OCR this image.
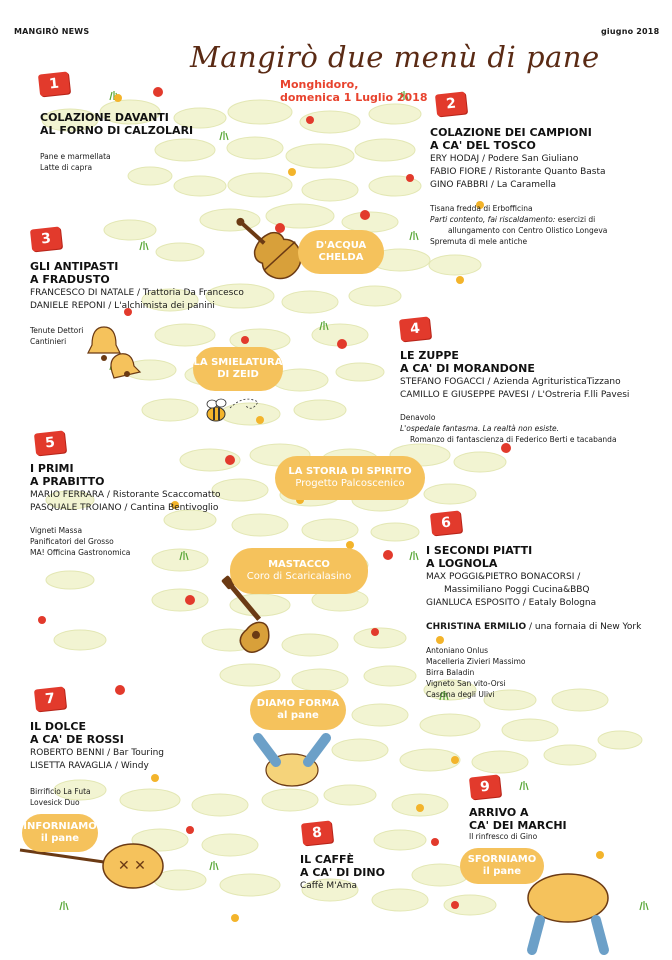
✕ ✕
MANGIRÒ NEWS	giugno 2018
Mangirò due menù di pane
Monghidoro,
domenica 1 Luglio 2018
1
COLAZIONE DAVANTI
AL FORNO DI CALZOLARI
Pane e marmellata
Latte di capra
2
COLAZIONE DEI CAMPIONI
A CA' DEL TOSCO
ERY HODAJ / Podere San Giuliano
FABIO FIORE / Ristorante Quanto Basta
GINO FABBRI / La Caramella
Tisana fredda di Erbofficina
Parti contento, fai riscaldamento: esercizi di
allungamento con Centro Olistico Longeva
Spremuta di mele antiche
3
GLI ANTIPASTI
A FRADUSTO
FRANCESCO DI NATALE / Trattoria Da Francesco
DANIELE REPONI / L'alchimista dei panini
Tenute Dettori
Cantinieri
4
LE ZUPPE
A CA' DI MORANDONE
STEFANO FOGACCI / Azienda AgrituristicaTizzano
CAMILLO E GIUSEPPE PAVESI / L'Ostreria F.lli Pavesi
Denavolo
L'ospedale fantasma. La realtà non esiste.
Romanzo di fantascienza di Federico Berti e tacabanda
5
I PRIMI
A PRABITTO
MARIO FERRARA / Ristorante Scaccomatto
PASQUALE TROIANO / Cantina Bentivoglio
Vigneti Massa
Panificatori del Grosso
MA! Officina Gastronomica
6
I SECONDI PIATTI
A LOGNOLA
MAX POGGI&PIETRO BONACORSI /
Massimiliano Poggi Cucina&BBQ
GIANLUCA ESPOSITO / Eataly Bologna
CHRISTINA ERMILIO / una fornaia di New York
Antoniano Onlus
Macelleria Zivieri Massimo
Birra Baladin
Vigneto San vito-Orsi
Cascina degli Ulivi
7
IL DOLCE
A CA' DE ROSSI
ROBERTO BENNI / Bar Touring
LISETTA RAVAGLIA / Windy
Birrificio La Futa
Lovesick Duo
8
IL CAFFÈ
A CA' DI DINO
Caffè M'Ama
9
ARRIVO A
CA' DEI MARCHI
Il rinfresco di Gino
D'ACQUA
CHELDA
LA SMIELATURA
DI ZEID
LA STORIA DI SPIRITO
Progetto Palcoscenico
MASTACCO
Coro di Scaricalasino
DIAMO FORMA
al pane
INFORNIAMO
il pane
SFORNIAMO
il pane
